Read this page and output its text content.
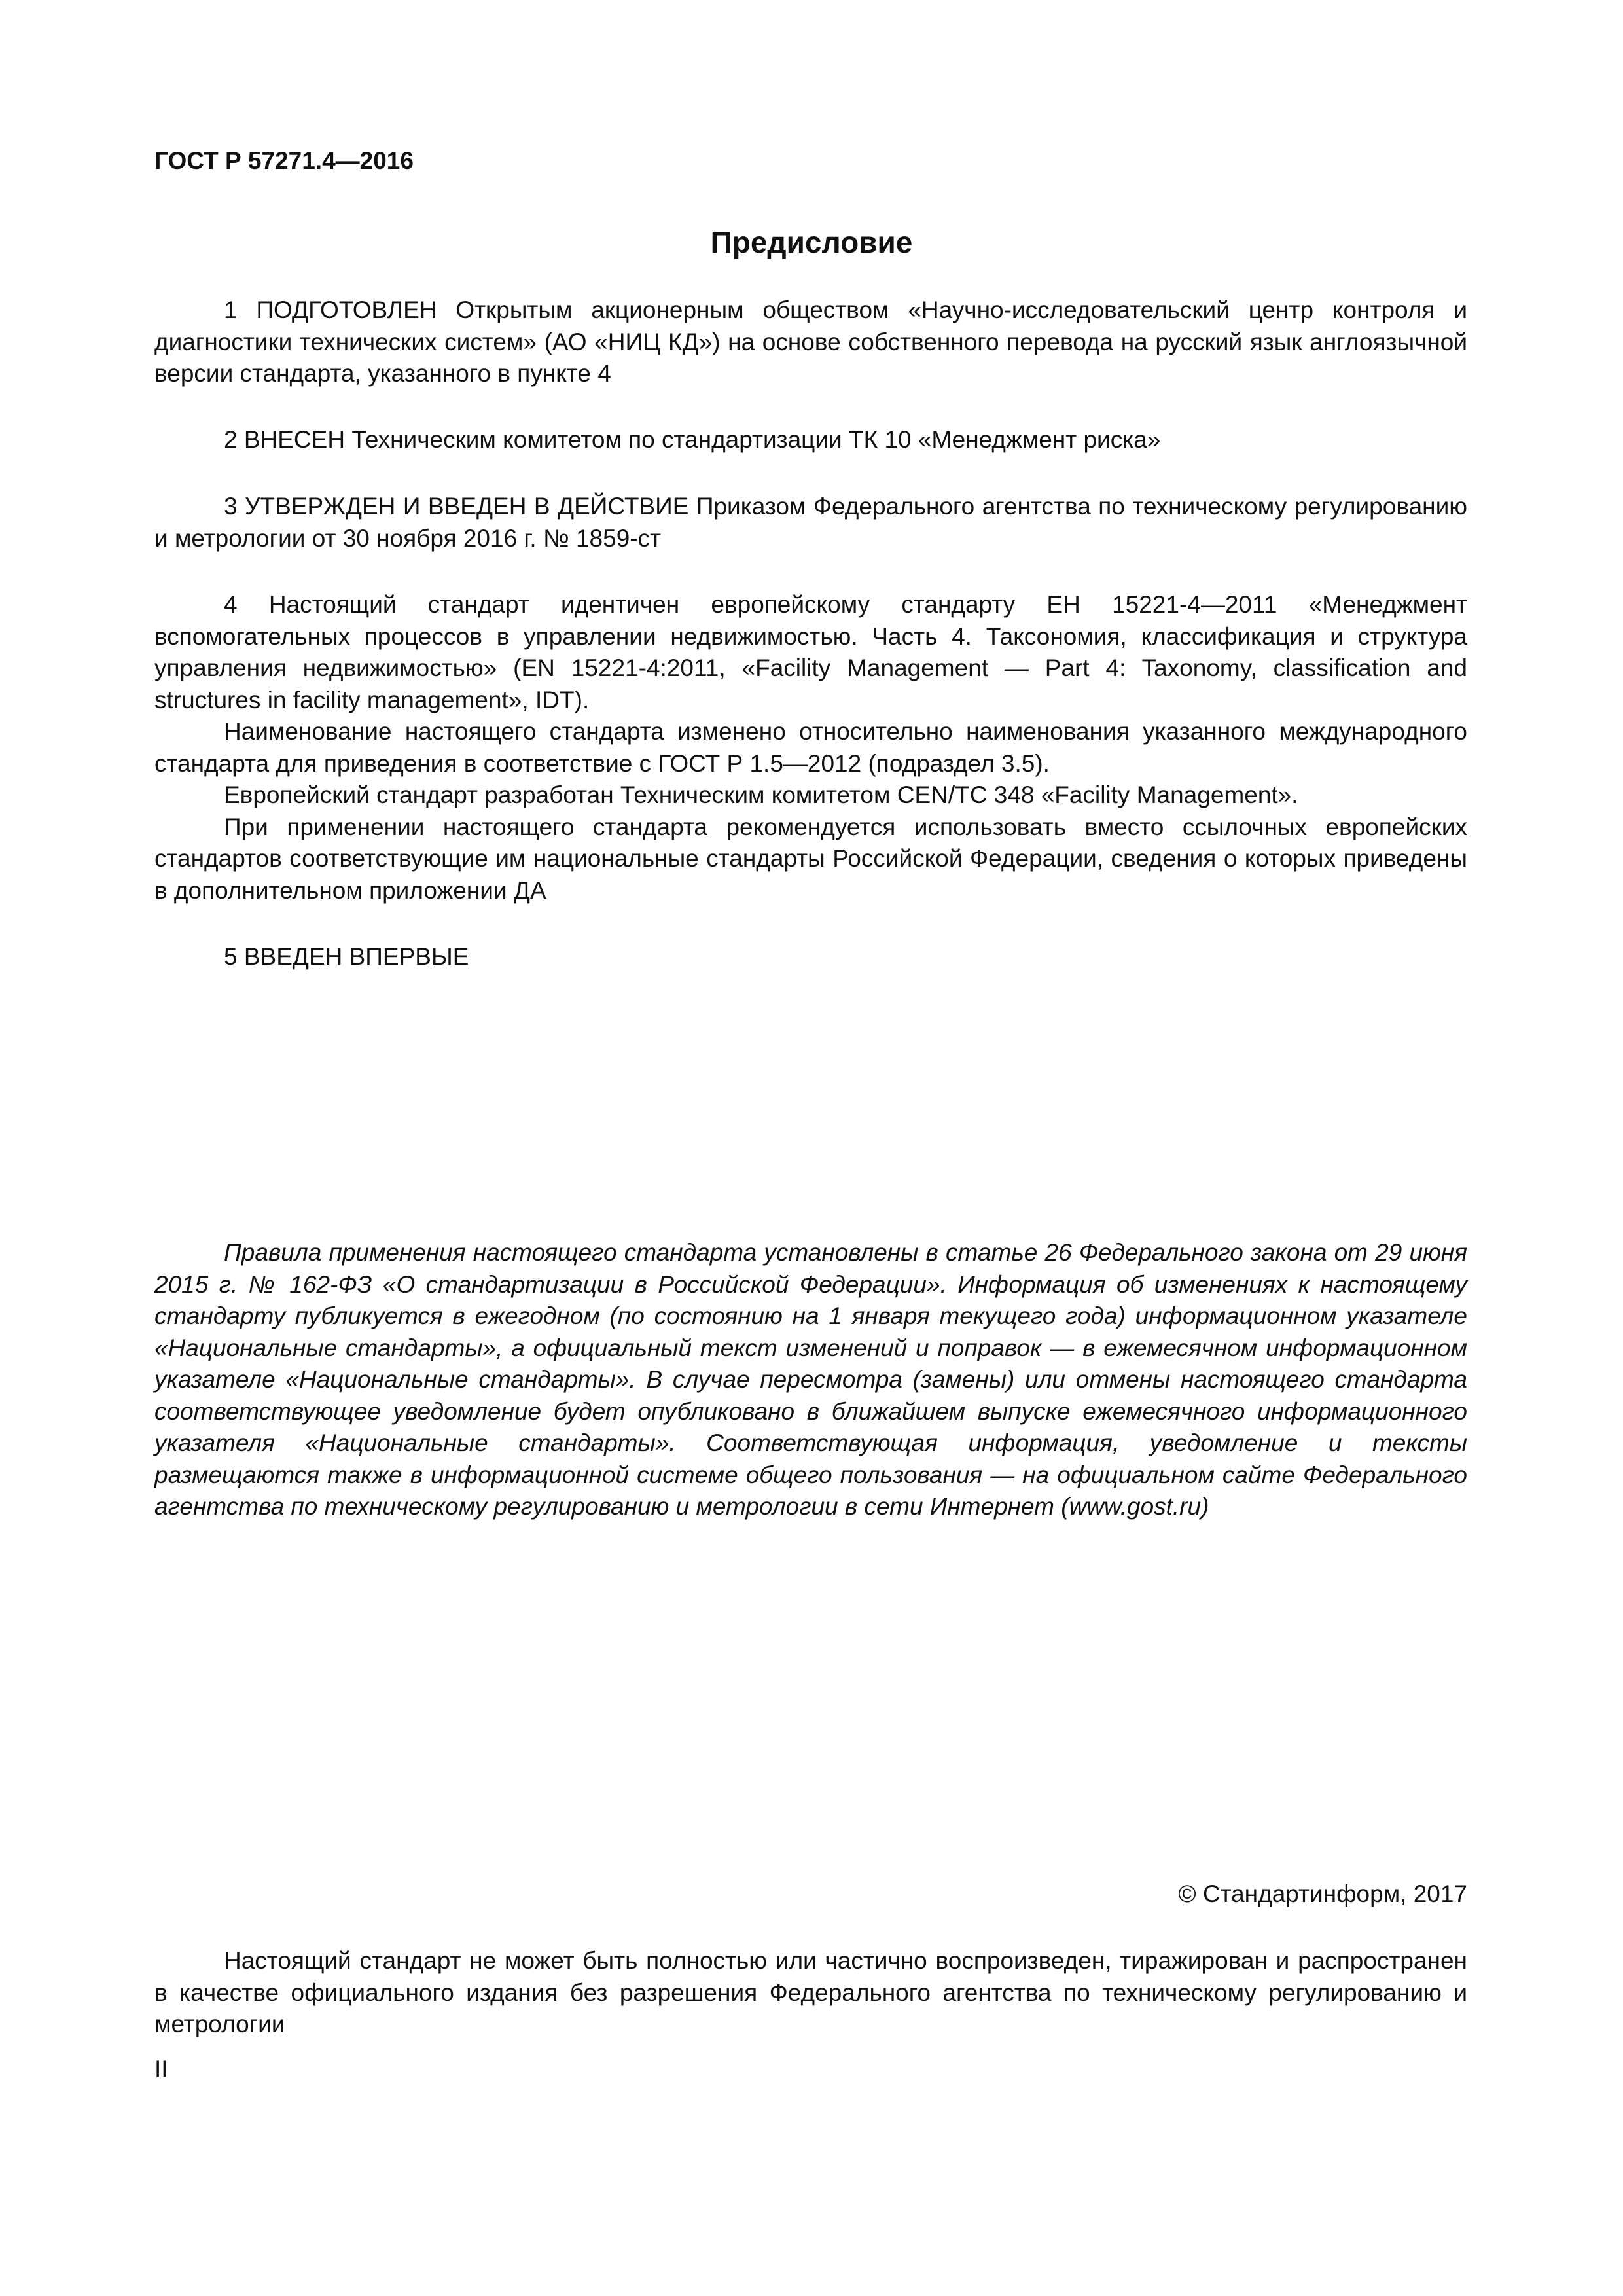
ГОСТ Р 57271.4—2016

Предисловие

1 ПОДГОТОВЛЕН Открытым акционерным обществом «Научно-исследовательский центр контроля и диагностики технических систем» (АО «НИЦ КД») на основе собственного перевода на русский язык англоязычной версии стандарта, указанного в пункте 4

2 ВНЕСЕН Техническим комитетом по стандартизации ТК 10 «Менеджмент риска»

3 УТВЕРЖДЕН И ВВЕДЕН В ДЕЙСТВИЕ Приказом Федерального агентства по техническому регулированию и метрологии от 30 ноября 2016 г. № 1859-ст

4 Настоящий стандарт идентичен европейскому стандарту ЕН 15221-4—2011 «Менеджмент вспомогательных процессов в управлении недвижимостью. Часть 4. Таксономия, классификация и структура управления недвижимостью» (EN 15221-4:2011, «Facility Management — Part 4: Taxonomy, classification and structures in facility management», IDT).

Наименование настоящего стандарта изменено относительно наименования указанного международного стандарта для приведения в соответствие с ГОСТ Р 1.5—2012 (подраздел 3.5).

Европейский стандарт разработан Техническим комитетом CEN/TC 348 «Facility Management».

При применении настоящего стандарта рекомендуется использовать вместо ссылочных европейских стандартов соответствующие им национальные стандарты Российской Федерации, сведения о которых приведены в дополнительном приложении ДА

5 ВВЕДЕН ВПЕРВЫЕ

Правила применения настоящего стандарта установлены в статье 26 Федерального закона от 29 июня 2015 г. № 162-ФЗ «О стандартизации в Российской Федерации». Информация об изменениях к настоящему стандарту публикуется в ежегодном (по состоянию на 1 января текущего года) информационном указателе «Национальные стандарты», а официальный текст изменений и поправок — в ежемесячном информационном указателе «Национальные стандарты». В случае пересмотра (замены) или отмены настоящего стандарта соответствующее уведомление будет опубликовано в ближайшем выпуске ежемесячного информационного указателя «Национальные стандарты». Соответствующая информация, уведомление и тексты размещаются также в информационной системе общего пользования — на официальном сайте Федерального агентства по техническому регулированию и метрологии в сети Интернет (www.gost.ru)

© Стандартинформ, 2017

Настоящий стандарт не может быть полностью или частично воспроизведен, тиражирован и распространен в качестве официального издания без разрешения Федерального агентства по техническому регулированию и метрологии

II
